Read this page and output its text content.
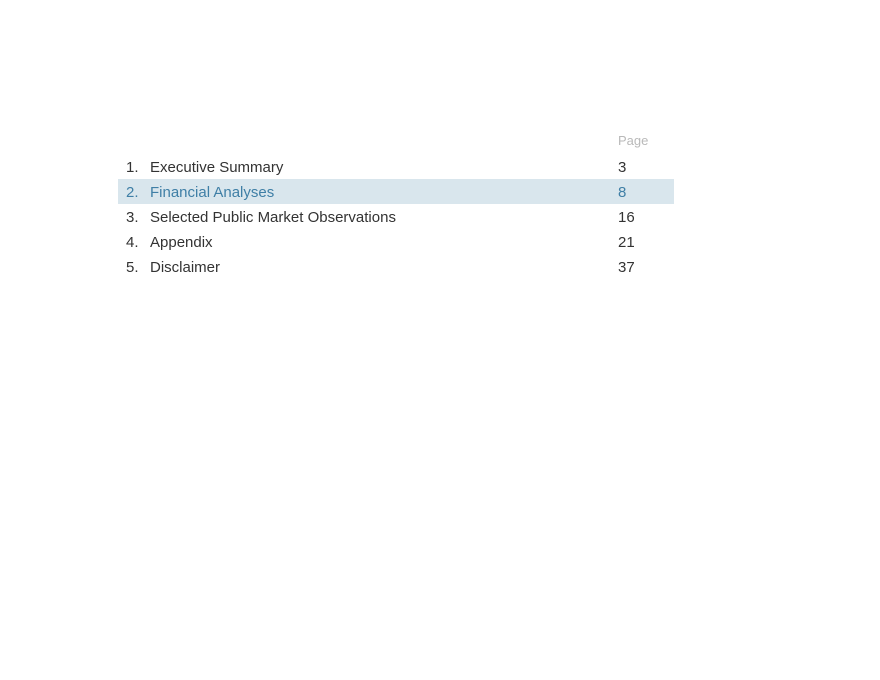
Page
1. Executive Summary	3
2. Financial Analyses	8
3. Selected Public Market Observations	16
4. Appendix	21
5. Disclaimer	37
